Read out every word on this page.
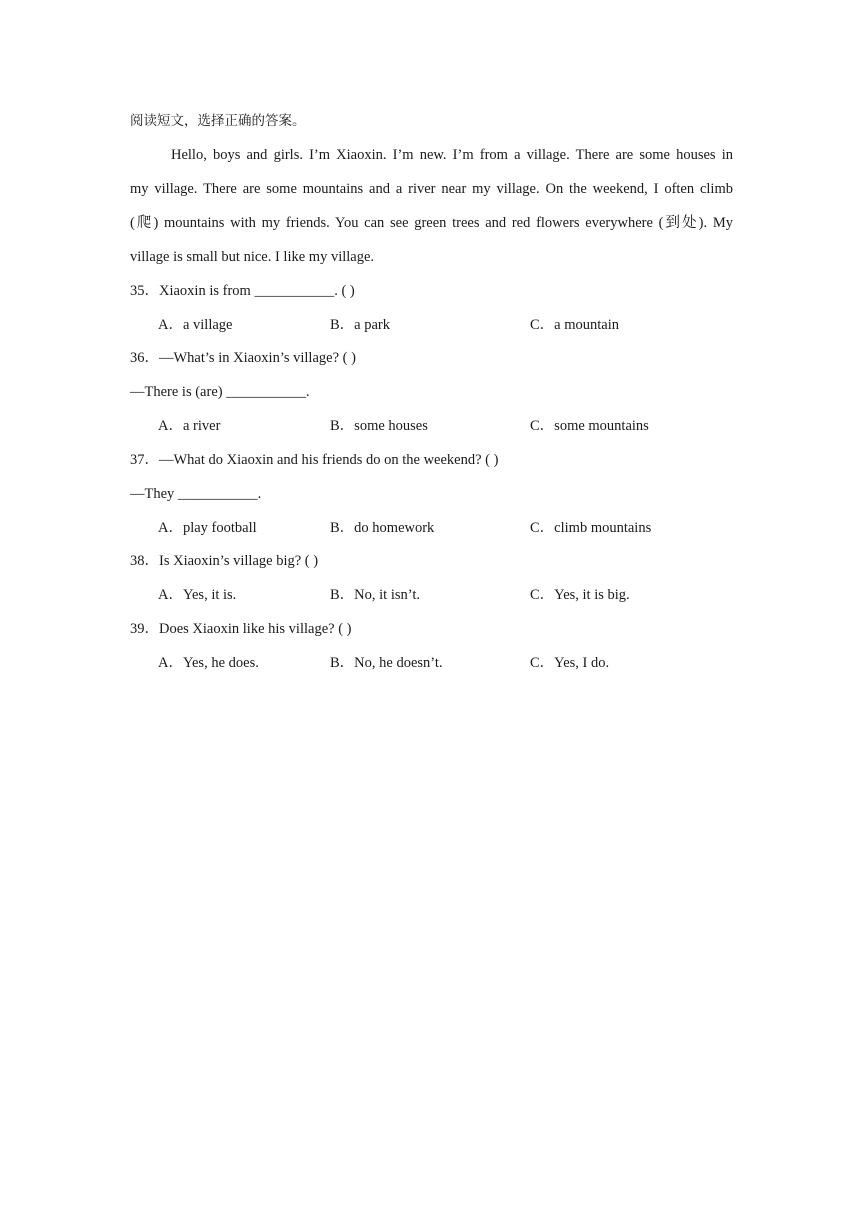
阅读短文，选择正确的答案。
Hello, boys and girls. I’m Xiaoxin. I’m new. I’m from a village. There are some houses in
my village. There are some mountains and a river near my village. On the weekend, I often climb
(爬) mountains with my friends. You can see green trees and red flowers everywhere (到处). My
village is small but nice. I like my village.
35．Xiaoxin is from ___________. ( )
A．a village	B．a park	C．a mountain
36．—What’s in Xiaoxin’s village? ( )
—There is (are) ___________.
A．a river	B．some houses	C．some mountains
37．—What do Xiaoxin and his friends do on the weekend? ( )
—They ___________.
A．play football	B．do homework	C．climb mountains
38．Is Xiaoxin’s village big? ( )
A．Yes, it is.	B．No, it isn’t.	C．Yes, it is big.
39．Does Xiaoxin like his village? ( )
A．Yes, he does.	B．No, he doesn’t.	C．Yes, I do.
